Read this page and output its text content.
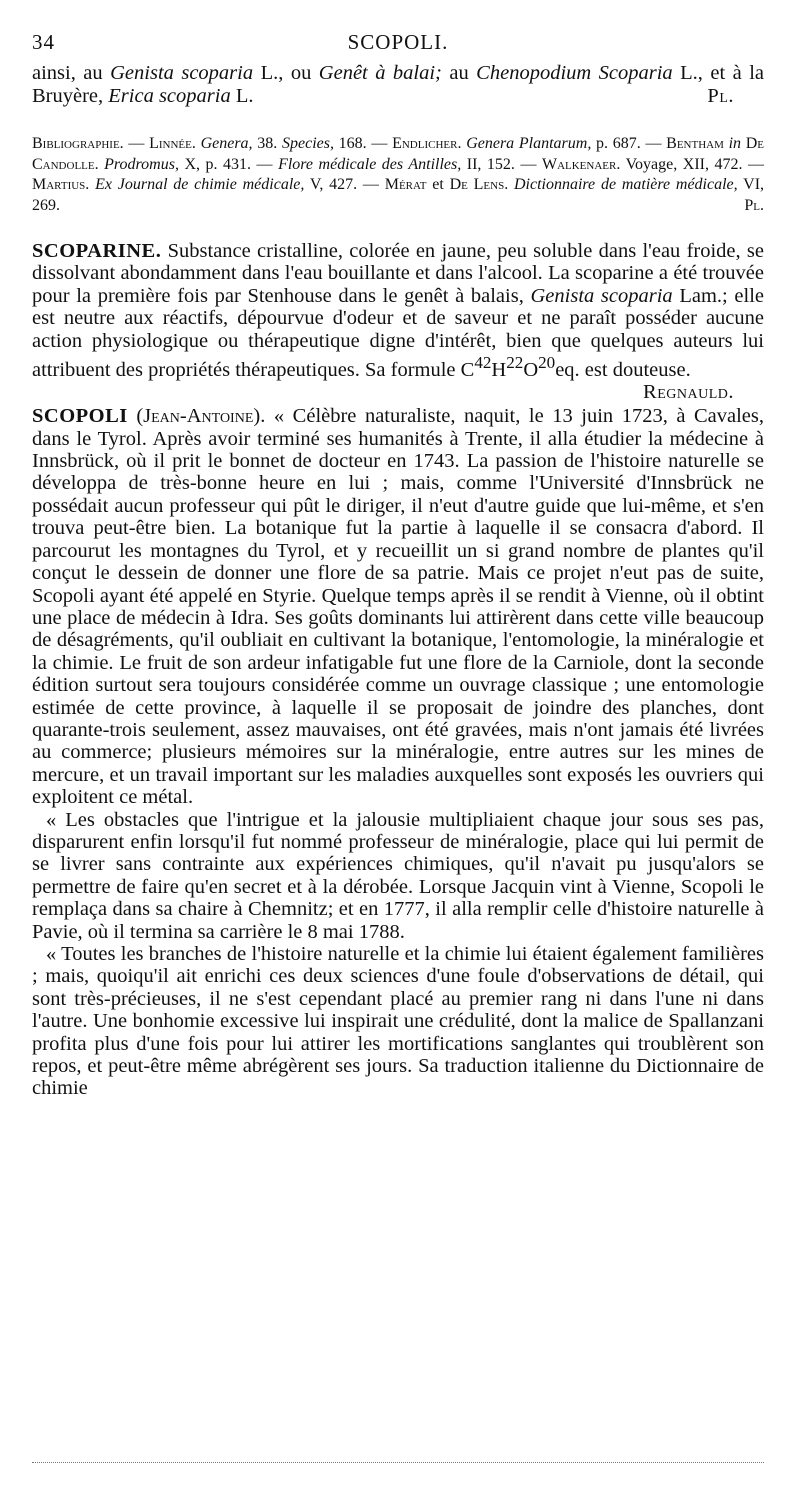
34	SCOPOLI.
ainsi, au Genista scoparia L., ou Genêt à balai; au Chenopodium Scoparia L., et à la Bruyère, Erica scoparia L.	Pl.
Bibliographie. — Linnée. Genera, 38. Species, 168. — Endlicher. Genera Plantarum, p. 687. — Bentham in De Candolle. Prodromus, X, p. 431. — Flore médicale des Antilles, II, 152. — Walkenaer. Voyage, XII, 472. — Martius. Ex Journal de chimie médicale, V, 427. — Mérat et De Lens. Dictionnaire de matière médicale, VI, 269.	Pl.
SCOPARINE. Substance cristalline, colorée en jaune, peu soluble dans l'eau froide, se dissolvant abondamment dans l'eau bouillante et dans l'alcool. La scoparine a été trouvée pour la première fois par Stenhouse dans le genêt à balais, Genista scoparia Lam.; elle est neutre aux réactifs, dépourvue d'odeur et de saveur et ne paraît posséder aucune action physiologique ou thérapeutique digne d'intérêt, bien que quelques auteurs lui attribuent des propriétés thérapeutiques. Sa formule $C^{42}H^{22}O^{20}eq$. est douteuse.
Regnauld.

SCOPOLI (Jean-Antoine). « Célèbre naturaliste, naquit, le 13 juin 1723, à Cavales, dans le Tyrol. Après avoir terminé ses humanités à Trente, il alla étudier la médecine à Innsbrück, où il prit le bonnet de docteur en 1743. La passion de l'histoire naturelle se développa de très-bonne heure en lui ; mais, comme l'Université d'Innsbrück ne possédait aucun professeur qui pût le diriger, il n'eut d'autre guide que lui-même, et s'en trouva peut-être bien. La botanique fut la partie à laquelle il se consacra d'abord. Il parcourut les montagnes du Tyrol, et y recueillit un si grand nombre de plantes qu'il conçut le dessein de donner une flore de sa patrie. Mais ce projet n'eut pas de suite, Scopoli ayant été appelé en Styrie. Quelque temps après il se rendit à Vienne, où il obtint une place de médecin à Idra. Ses goûts dominants lui attirèrent dans cette ville beaucoup de désagréments, qu'il oubliait en cultivant la botanique, l'entomologie, la minéralogie et la chimie. Le fruit de son ardeur infatigable fut une flore de la Carniole, dont la seconde édition surtout sera toujours considérée comme un ouvrage classique ; une entomologie estimée de cette province, à laquelle il se proposait de joindre des planches, dont quarante-trois seulement, assez mauvaises, ont été gravées, mais n'ont jamais été livrées au commerce; plusieurs mémoires sur la minéralogie, entre autres sur les mines de mercure, et un travail important sur les maladies auxquelles sont exposés les ouvriers qui exploitent ce métal.

« Les obstacles que l'intrigue et la jalousie multipliaient chaque jour sous ses pas, disparurent enfin lorsqu'il fut nommé professeur de minéralogie, place qui lui permit de se livrer sans contrainte aux expériences chimiques, qu'il n'avait pu jusqu'alors se permettre de faire qu'en secret et à la dérobée. Lorsque Jacquin vint à Vienne, Scopoli le remplaça dans sa chaire à Chemnitz; et en 1777, il alla remplir celle d'histoire naturelle à Pavie, où il termina sa carrière le 8 mai 1788.

« Toutes les branches de l'histoire naturelle et la chimie lui étaient également familières ; mais, quoiqu'il ait enrichi ces deux sciences d'une foule d'observations de détail, qui sont très-précieuses, il ne s'est cependant placé au premier rang ni dans l'une ni dans l'autre. Une bonhomie excessive lui inspirait une crédulité, dont la malice de Spallanzani profita plus d'une fois pour lui attirer les mortifications sanglantes qui troublèrent son repos, et peut-être même abrégèrent ses jours. Sa traduction italienne du Dictionnaire de chimie
